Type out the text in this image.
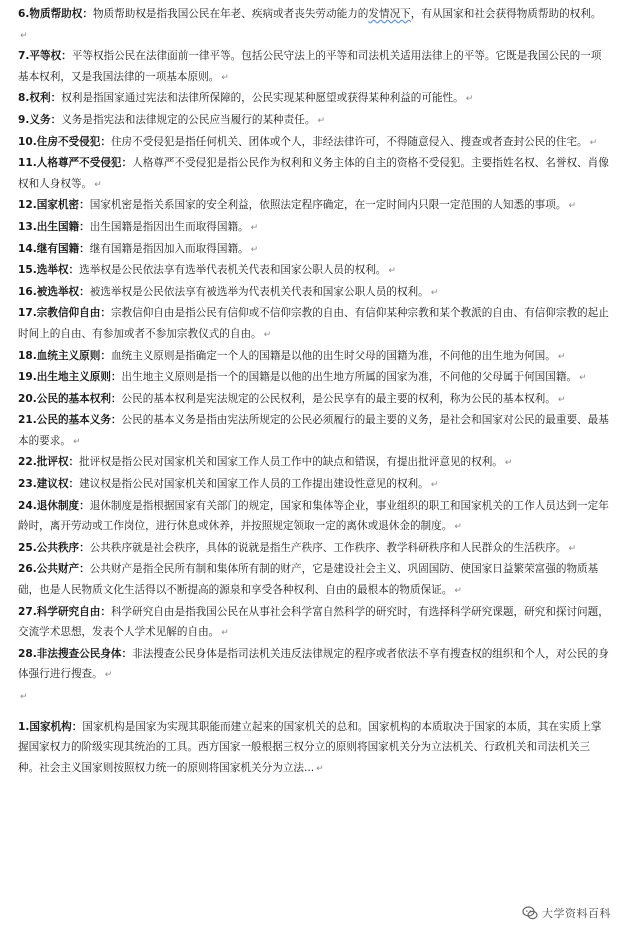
6.物质帮助权：物质帮助权是指我国公民在年老、疾病或者丧失劳动能力的发情况下，有从国家和社会获得物质帮助的权利。↵

7.平等权：平等权指公民在法律面前一律平等。包括公民守法上的平等和司法机关适用法律上的平等。它既是我国公民的一项基本权利，又是我国法律的一项基本原则。 ↵

8.权利：权利是指国家通过宪法和法律所保障的，公民实现某种愿望或获得某种利益的可能性。 ↵

9.义务：义务是指宪法和法律规定的公民应当履行的某种责任。 ↵

10.住房不受侵犯：住房不受侵犯是指任何机关、团体或个人，非经法律许可，不得随意侵入、搜查或者查封公民的住宅。 ↵

11.人格尊严不受侵犯：人格尊严不受侵犯是指公民作为权利和义务主体的自主的资格不受侵犯。主要指姓名权、名誉权、肖像权和人身权等。 ↵

12.国家机密：国家机密是指关系国家的安全利益，依照法定程序确定，在一定时间内只限一定范围的人知悉的事项。 ↵

13.出生国籍：出生国籍是指因出生而取得国籍。 ↵

14.继有国籍：继有国籍是指因加入而取得国籍。 ↵

15.选举权：选举权是公民依法享有选举代表机关代表和国家公职人员的权利。 ↵

16.被选举权：被选举权是公民依法享有被选举为代表机关代表和国家公职人员的权利。 ↵

17.宗教信仰自由：宗教信仰自由是指公民有信仰或不信仰宗教的自由、有信仰某种宗教和某个教派的自由、有信仰宗教的起止时间上的自由、有参加或者不参加宗教仪式的自由。 ↵

18.血统主义原则：血统主义原则是指确定一个人的国籍是以他的出生时父母的国籍为准，不问他的出生地为何国。 ↵

19.出生地主义原则：出生地主义原则是指一个的国籍是以他的出生地方所属的国家为准，不问他的父母属于何国国籍。 ↵

20.公民的基本权利：公民的基本权利是宪法规定的公民权利，是公民享有的最主要的权利，称为公民的基本权利。 ↵

21.公民的基本义务：公民的基本义务是指由宪法所规定的公民必须履行的最主要的义务，是社会和国家对公民的最重要、最基本的要求。 ↵

22.批评权：批评权是指公民对国家机关和国家工作人员工作中的缺点和错误，有提出批评意见的权利。 ↵

23.建议权：建议权是指公民对国家机关和国家工作人员的工作提出建设性意见的权利。 ↵

24.退休制度：退休制度是指根据国家有关部门的规定，国家和集体等企业，事业组织的职工和国家机关的工作人员达到一定年龄时，离开劳动或工作岗位，进行休息或休养，并按照规定领取一定的离休或退休金的制度。 ↵

25.公共秩序：公共秩序就是社会秩序，具体的说就是指生产秩序、工作秩序、教学科研秩序和人民群众的生活秩序。 ↵

26.公共财产：公共财产是指全民所有制和集体所有制的财产，它是建设社会主义、巩固国防、使国家日益繁荣富强的物质基础，也是人民物质文化生活得以不断提高的源泉和享受各种权利、自由的最根本的物质保证。 ↵

27.科学研究自由：科学研究自由是指我国公民在从事社会科学富自然科学的研究时，有选择科学研究课题，研究和探讨问题，交流学术思想，发表个人学术见解的自由。 ↵

28.非法搜查公民身体：非法搜查公民身体是指司法机关违反法律规定的程序或者依法不享有搜查权的组织和个人，对公民的身体强行进行搜查。 ↵

↵

1.国家机构：国家机构是国家为实现其职能而建立起来的国家机关的总和。国家机构的本质取决于国家的本质，其在实质上掌握国家权力的阶级实现其统治的工具。西方国家一般根据三权分立的原则将国家机关分为立法机关、行政机关和司法机关三种。社会主义国家则按照权力统一的原则将国家机关分为立法... ↵

大学资料百科
